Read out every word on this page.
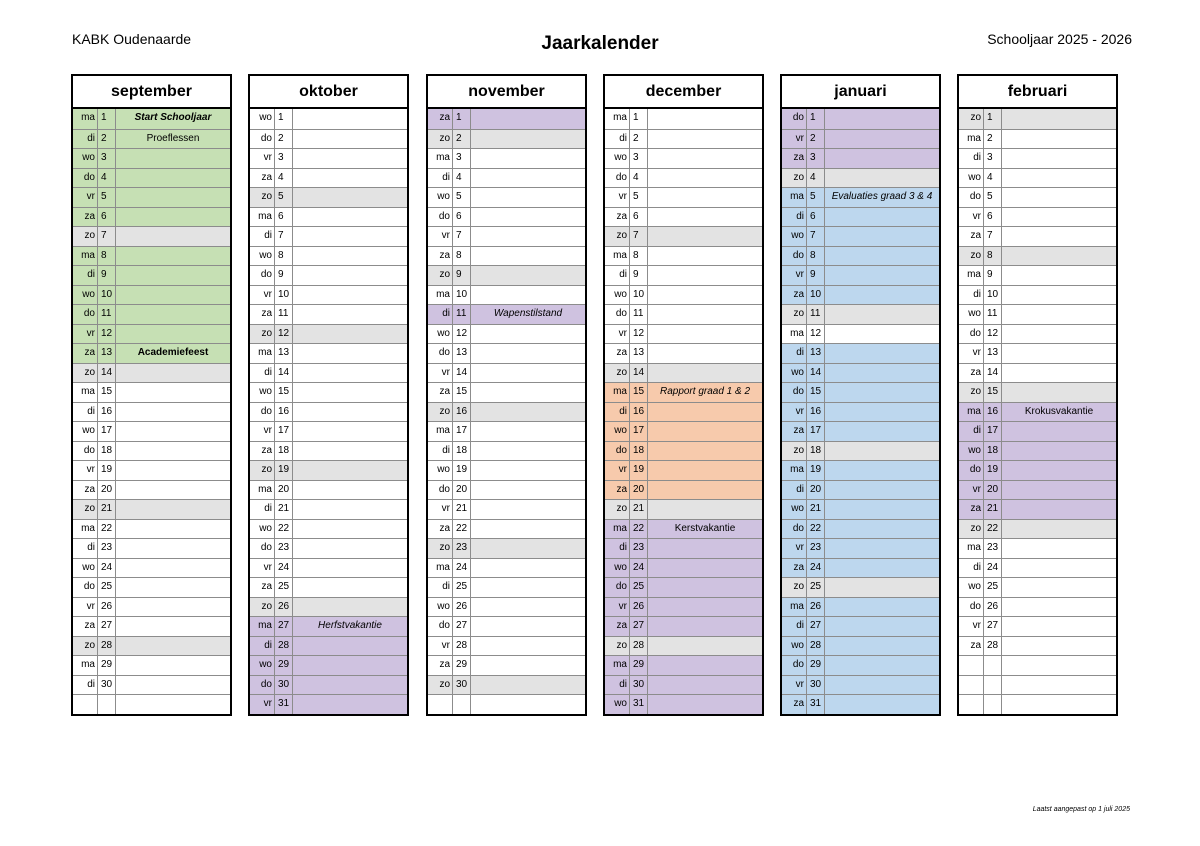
KABK Oudenaarde	Jaarkalender	Schooljaar 2025 - 2026
september
ma 1	Start Schooljaar
di 2	Proeflessen
wo 3
do 4
vr 5
za 6
zo 7
ma 8
di 9
wo 10
do 11
vr 12
za 13	Academiefeest
zo 14
ma 15
di 16
wo 17
do 18
vr 19
za 20
zo 21
ma 22
di 23
wo 24
do 25
vr 26
za 27
zo 28
ma 29
di 30
oktober
wo 1
do 2
vr 3
za 4
zo 5
ma 6
di 7
wo 8
do 9
vr 10
za 11
zo 12
ma 13
di 14
wo 15
do 16
vr 17
za 18
zo 19
ma 20
di 21
wo 22
do 23
vr 24
za 25
zo 26
ma 27	Herfstvakantie
di 28
wo 29
do 30
vr 31
november
za 1
zo 2
ma 3
di 4
wo 5
do 6
vr 7
za 8
zo 9
ma 10
di 11	Wapenstilstand
wo 12
do 13
vr 14
za 15
zo 16
ma 17
di 18
wo 19
do 20
vr 21
za 22
zo 23
ma 24
di 25
wo 26
do 27
vr 28
za 29
zo 30
december
ma 1
di 2
wo 3
do 4
vr 5
za 6
zo 7
ma 8
di 9
wo 10
do 11
vr 12
za 13
zo 14
ma 15	Rapport graad 1 & 2
di 16
wo 17
do 18
vr 19
za 20
zo 21
ma 22	Kerstvakantie
di 23
wo 24
do 25
vr 26
za 27
zo 28
ma 29
di 30
wo 31
januari
do 1
vr 2
za 3
zo 4
ma 5	Evaluaties graad 3 & 4
di 6
wo 7
do 8
vr 9
za 10
zo 11
ma 12
di 13
wo 14
do 15
vr 16
za 17
zo 18
ma 19
di 20
wo 21
do 22
vr 23
za 24
zo 25
ma 26
di 27
wo 28
do 29
vr 30
za 31
februari
zo 1
ma 2
di 3
wo 4
do 5
vr 6
za 7
zo 8
ma 9
di 10
wo 11
do 12
vr 13
za 14
zo 15
ma 16	Krokusvakantie
di 17
wo 18
do 19
vr 20
za 21
zo 22
ma 23
di 24
wo 25
do 26
vr 27
za 28
Laatst aangepast op 1 juli 2025
